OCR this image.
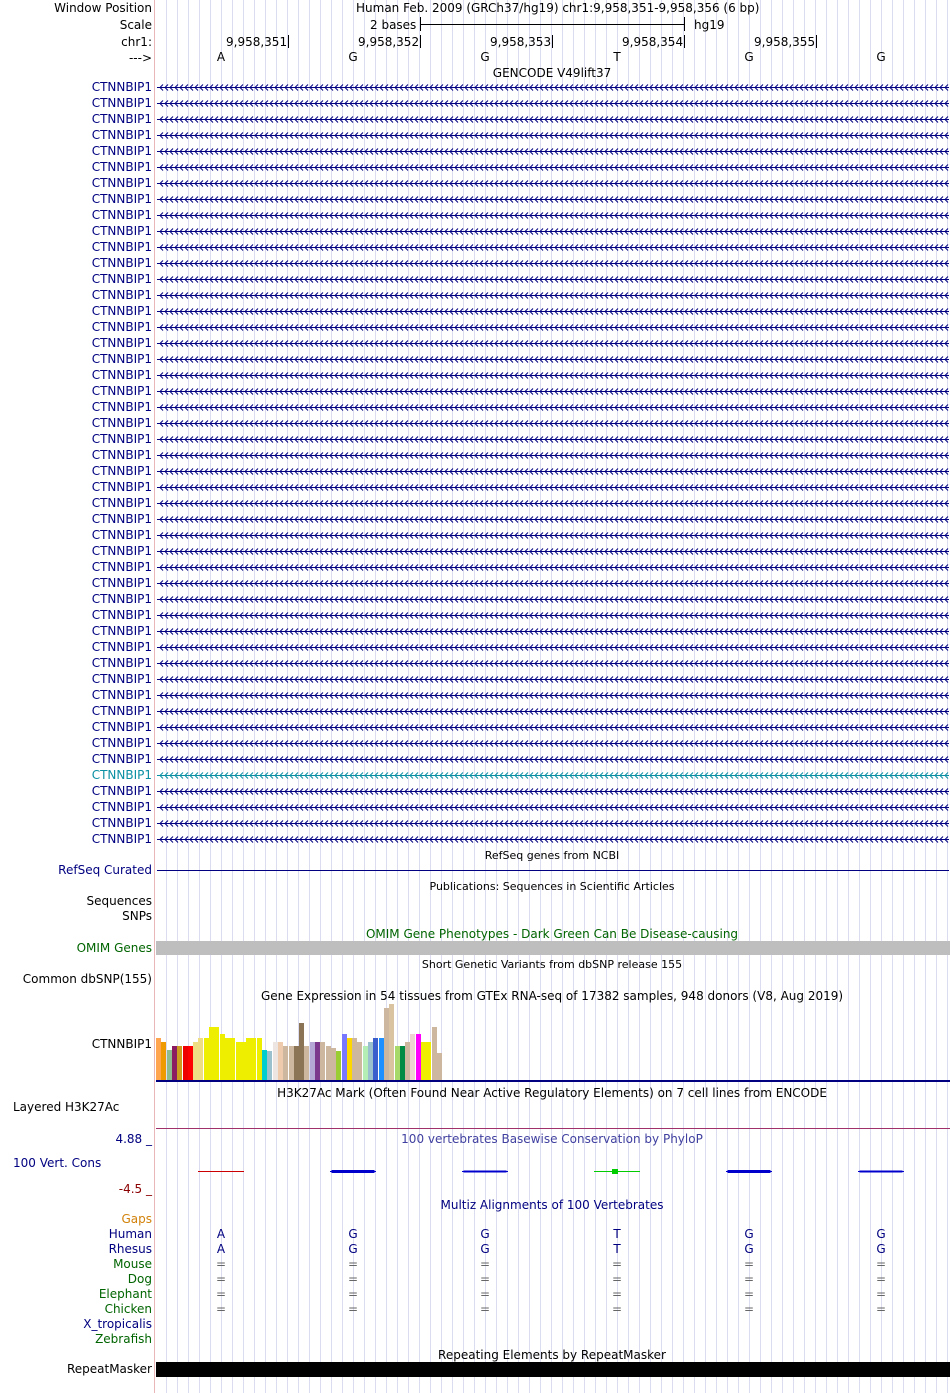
Window Position	Human Feb. 2009 (GRCh37/hg19) chr1:9,958,351-9,958,356 (6 bp)
Scale	2 bases	hg19
chr1:	9,958,351	9,958,352	9,958,353	9,958,354	9,958,355
--->	A	G	G	T	G	G
GENCODE V49lift37
CTNNBIP1
CTNNBIP1
CTNNBIP1
CTNNBIP1
CTNNBIP1
CTNNBIP1
CTNNBIP1
CTNNBIP1
CTNNBIP1
CTNNBIP1
CTNNBIP1
CTNNBIP1
CTNNBIP1
CTNNBIP1
CTNNBIP1
CTNNBIP1
CTNNBIP1
CTNNBIP1
CTNNBIP1
CTNNBIP1
CTNNBIP1
CTNNBIP1
CTNNBIP1
CTNNBIP1
CTNNBIP1
CTNNBIP1
CTNNBIP1
CTNNBIP1
CTNNBIP1
CTNNBIP1
CTNNBIP1
CTNNBIP1
CTNNBIP1
CTNNBIP1
CTNNBIP1
CTNNBIP1
CTNNBIP1
CTNNBIP1
CTNNBIP1
CTNNBIP1
CTNNBIP1
CTNNBIP1
CTNNBIP1
CTNNBIP1
CTNNBIP1
CTNNBIP1
CTNNBIP1
CTNNBIP1
RefSeq genes from NCBI
RefSeq Curated
Publications: Sequences in Scientific Articles
Sequences
SNPs
OMIM Gene Phenotypes - Dark Green Can Be Disease-causing
OMIM Genes
Short Genetic Variants from dbSNP release 155
Common dbSNP(155)
Gene Expression in 54 tissues from GTEx RNA-seq of 17382 samples, 948 donors (V8, Aug 2019)
CTNNBIP1
H3K27Ac Mark (Often Found Near Active Regulatory Elements) on 7 cell lines from ENCODE
Layered H3K27Ac
100 vertebrates Basewise Conservation by PhyloP
4.88 _
100 Vert. Cons
-4.5 _
Multiz Alignments of 100 Vertebrates
Gaps
Human	A	G	G	T	G	G
Rhesus	A	G	G	T	G	G
Mouse	=	=	=	=	=	=
Dog	=	=	=	=	=	=
Elephant	=	=	=	=	=	=
Chicken	=	=	=	=	=	=
X_tropicalis
Zebrafish
Repeating Elements by RepeatMasker
RepeatMasker
